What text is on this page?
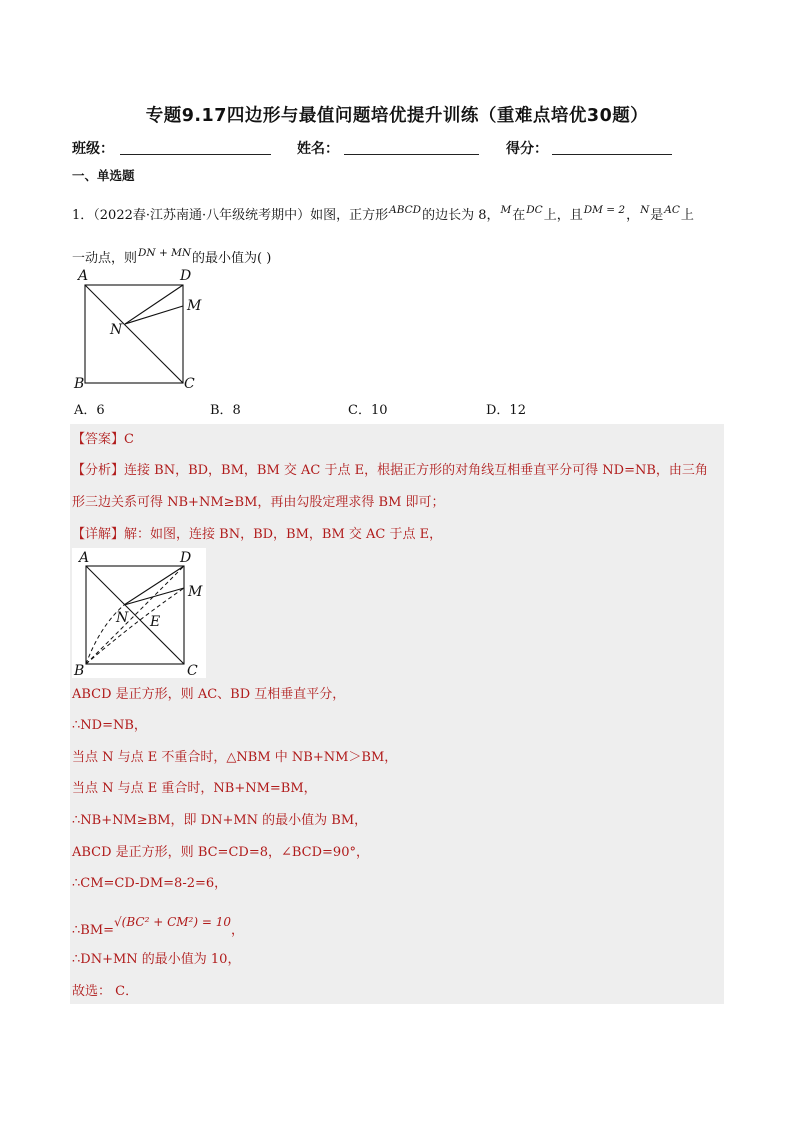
专题9.17四边形与最值问题培优提升训练（重难点培优30题）
班级：	姓名：	得分：
一、单选题
1．（2022春·江苏南通·八年级统考期中）如图，正方形$^{ABCD}$的边长为 8，$^M$在$^{DC}$上，且$^{DM = 2}$，$^N$是$^{AC}$上
一动点，则$^{DN + MN}$的最小值为( )
A	D
M
N
B	C
A．6	B．8	C．10	D．12
【答案】C
【分析】连接 BN，BD，BM，BM 交 AC 于点 E，根据正方形的对角线互相垂直平分可得 ND=NB，由三角
形三边关系可得 NB+NM≥BM，再由勾股定理求得 BM 即可；
【详解】解：如图，连接 BN，BD，BM，BM 交 AC 于点 E，
A	D
M
N E
B	C
ABCD 是正方形，则 AC、BD 互相垂直平分，
∴ND=NB，
当点 N 与点 E 不重合时，△NBM 中 NB+NM＞BM，
当点 N 与点 E 重合时，NB+NM=BM，
∴NB+NM≥BM，即 DN+MN 的最小值为 BM，
ABCD 是正方形，则 BC=CD=8，∠BCD=90°，
∴CM=CD-DM=8-2=6，
∴BM=√(BC² + CM²) = 10，
∴DN+MN 的最小值为 10，
故选： C．
